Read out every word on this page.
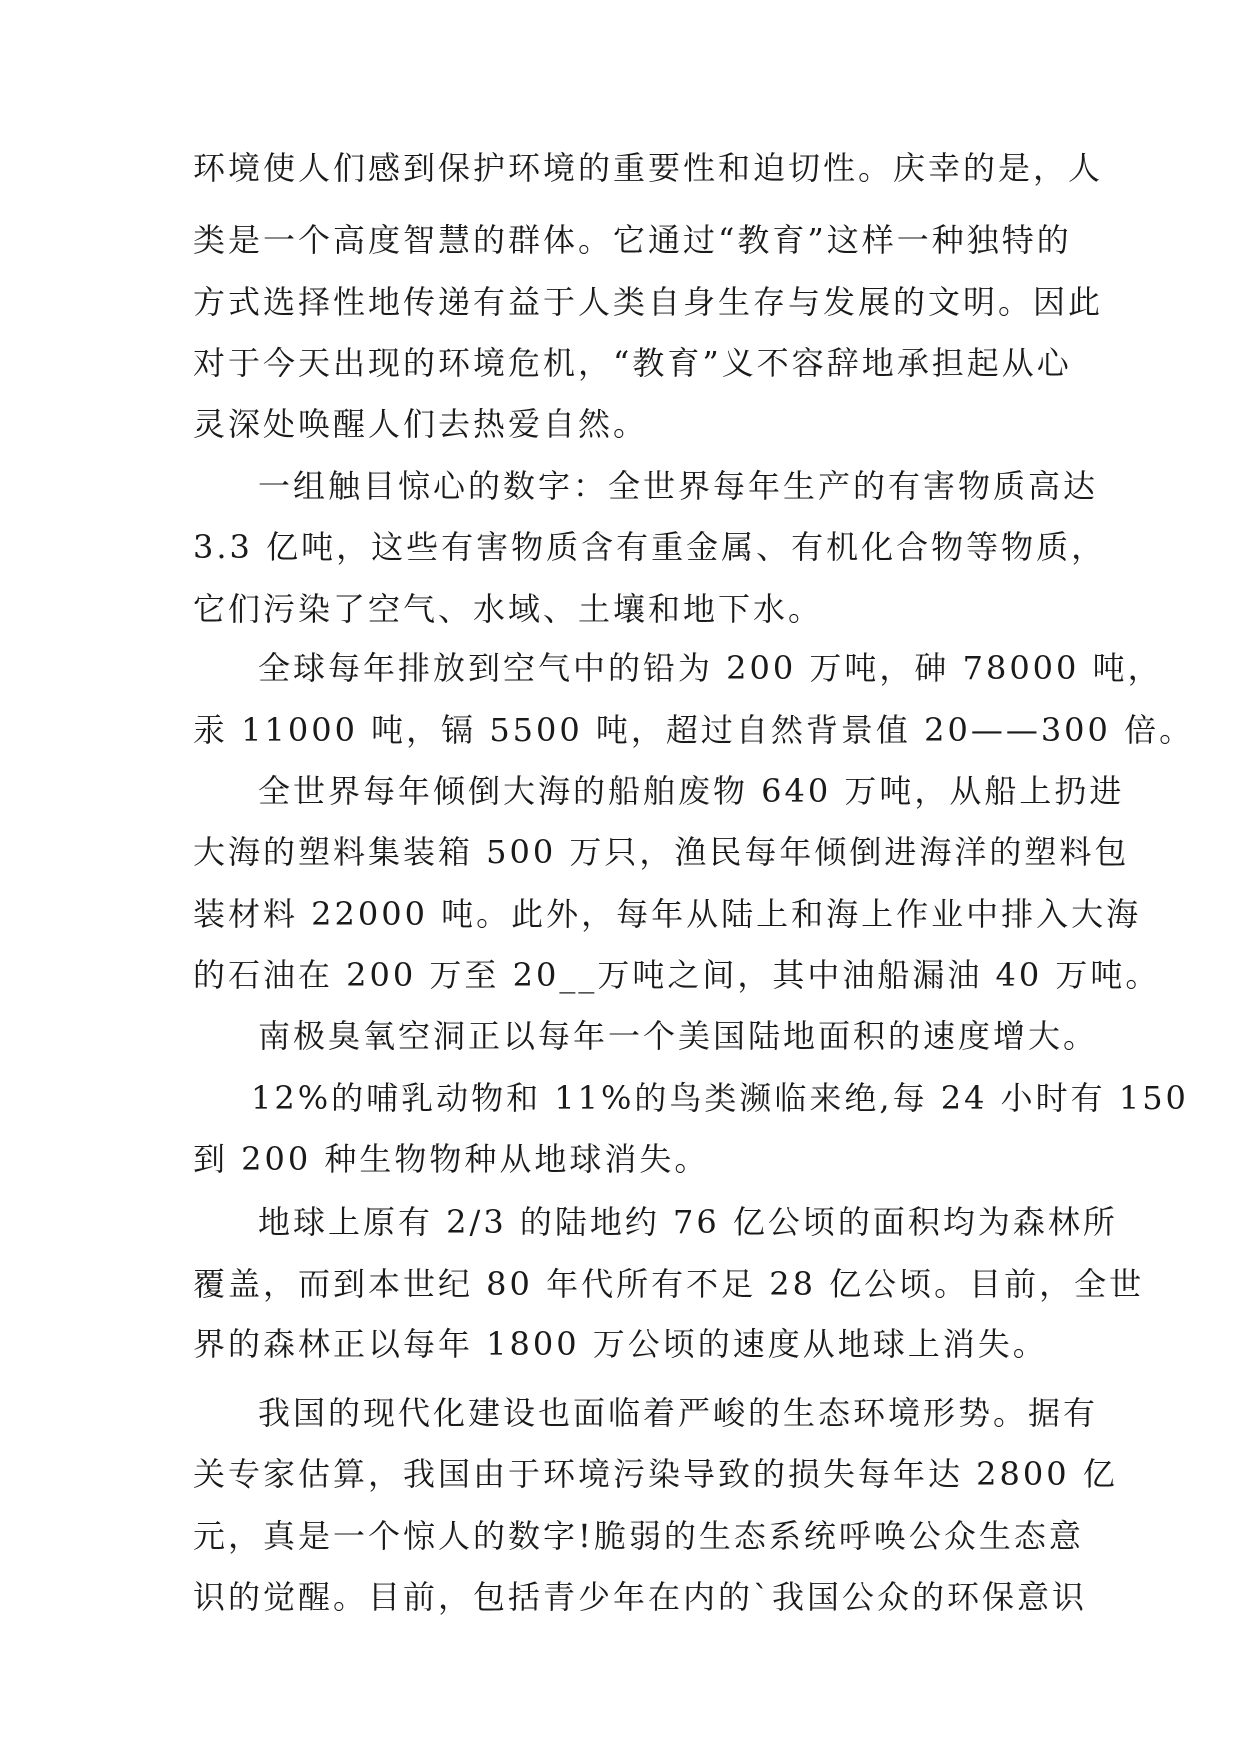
环境使人们感到保护环境的重要性和迫切性。庆幸的是，人
类是一个高度智慧的群体。它通过“教育”这样一种独特的
方式选择性地传递有益于人类自身生存与发展的文明。因此
对于今天出现的环境危机，“教育”义不容辞地承担起从心
灵深处唤醒人们去热爱自然。
一组触目惊心的数字：全世界每年生产的有害物质高达
3.3 亿吨，这些有害物质含有重金属、有机化合物等物质，
它们污染了空气、水域、土壤和地下水。
全球每年排放到空气中的铅为 200 万吨，砷 78000 吨，
汞 11000 吨，镉 5500 吨，超过自然背景值 20——300 倍。
全世界每年倾倒大海的船舶废物 640 万吨，从船上扔进
大海的塑料集装箱 500 万只，渔民每年倾倒进海洋的塑料包
装材料 22000 吨。此外，每年从陆上和海上作业中排入大海
的石油在 200 万至 20__万吨之间，其中油船漏油 40 万吨。
南极臭氧空洞正以每年一个美国陆地面积的速度增大。
12%的哺乳动物和 11%的鸟类濒临来绝,每 24 小时有 150
到 200 种生物物种从地球消失。
地球上原有 2/3 的陆地约 76 亿公顷的面积均为森林所
覆盖，而到本世纪 80 年代所有不足 28 亿公顷。目前，全世
界的森林正以每年 1800 万公顷的速度从地球上消失。
我国的现代化建设也面临着严峻的生态环境形势。据有
关专家估算，我国由于环境污染导致的损失每年达 2800 亿
元，真是一个惊人的数字!脆弱的生态系统呼唤公众生态意
识的觉醒。目前，包括青少年在内的`我国公众的环保意识
